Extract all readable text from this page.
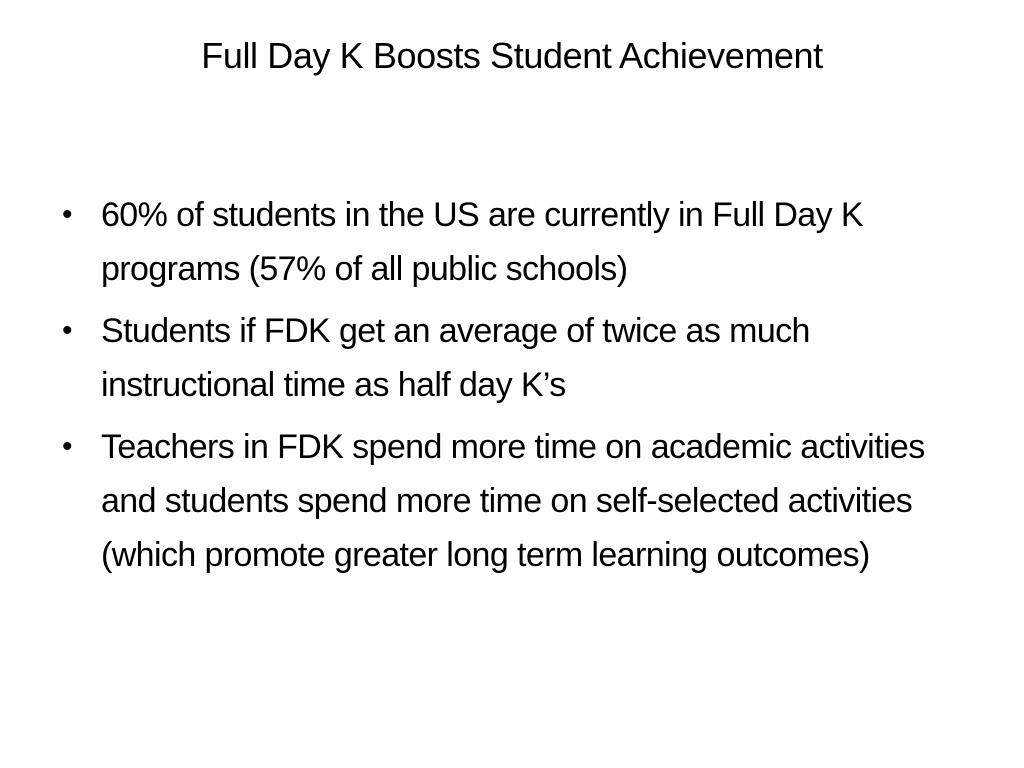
Full Day K Boosts Student Achievement
• 60% of students in the US are currently in Full Day K programs (57% of all public schools)
• Students if FDK get an average of twice as much instructional time as half day K’s
• Teachers in FDK spend more time on academic activities and students spend more time on self-selected activities (which promote greater long term learning outcomes)
